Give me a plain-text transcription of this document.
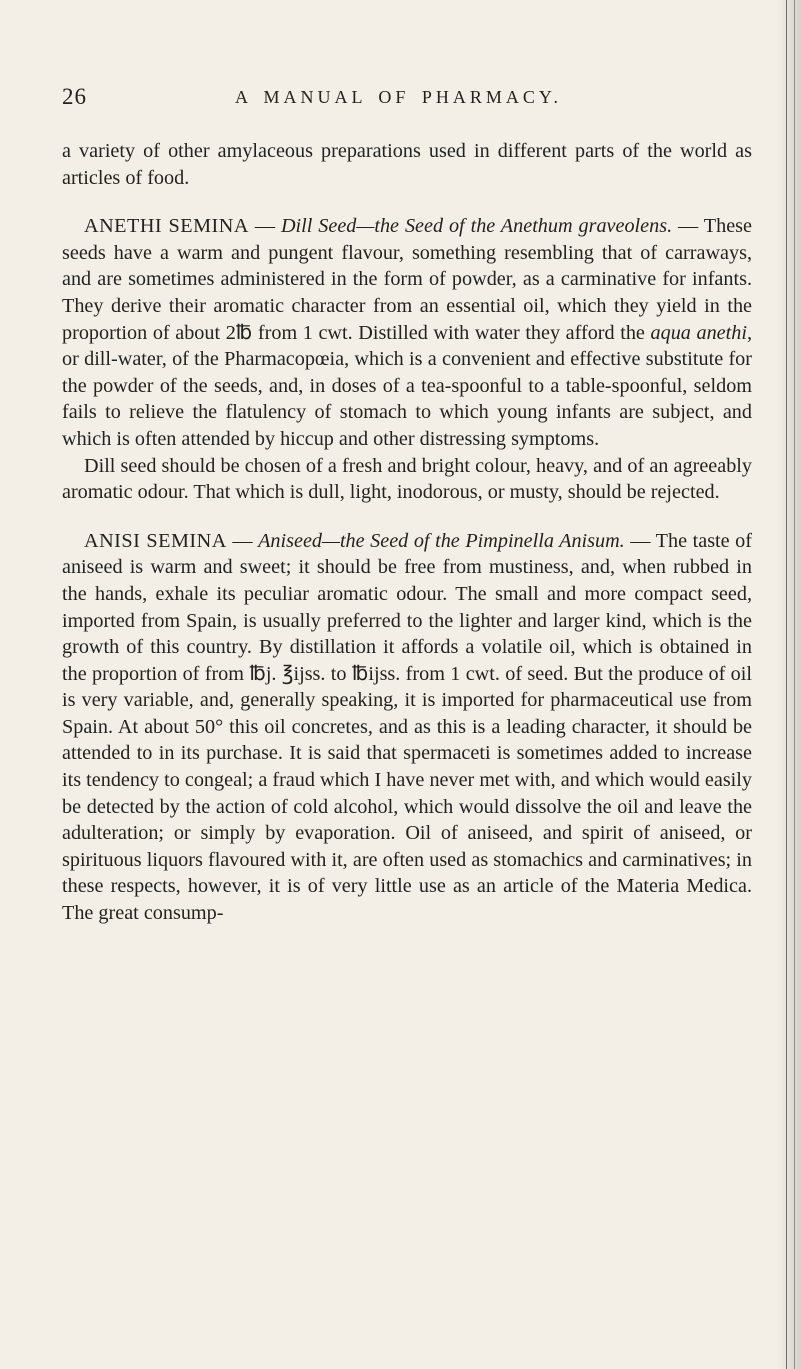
26	A MANUAL OF PHARMACY.

a variety of other amylaceous preparations used in different parts of the world as articles of food.

ANETHI SEMINA — Dill Seed—the Seed of the Anethum graveolens. — These seeds have a warm and pungent flavour, something resembling that of carraways, and are sometimes administered in the form of powder, as a carminative for infants. They derive their aromatic character from an essential oil, which they yield in the proportion of about 2℔ from 1 cwt. Distilled with water they afford the aqua anethi, or dill-water, of the Pharmacopœia, which is a convenient and effective substitute for the powder of the seeds, and, in doses of a tea-spoonful to a table-spoonful, seldom fails to relieve the flatulency of stomach to which young infants are subject, and which is often attended by hiccup and other distressing symptoms.

Dill seed should be chosen of a fresh and bright colour, heavy, and of an agreeably aromatic odour. That which is dull, light, inodorous, or musty, should be rejected.

ANISI SEMINA — Aniseed—the Seed of the Pimpinella Anisum. — The taste of aniseed is warm and sweet; it should be free from mustiness, and, when rubbed in the hands, exhale its peculiar aromatic odour. The small and more compact seed, imported from Spain, is usually preferred to the lighter and larger kind, which is the growth of this country. By distillation it affords a volatile oil, which is obtained in the proportion of from ℔j. ℥ijss. to ℔ijss. from 1 cwt. of seed. But the produce of oil is very variable, and, generally speaking, it is imported for pharmaceutical use from Spain. At about 50° this oil concretes, and as this is a leading character, it should be attended to in its purchase. It is said that spermaceti is sometimes added to increase its tendency to congeal; a fraud which I have never met with, and which would easily be detected by the action of cold alcohol, which would dissolve the oil and leave the adulteration; or simply by evaporation. Oil of aniseed, and spirit of aniseed, or spirituous liquors flavoured with it, are often used as stomachics and carminatives; in these respects, however, it is of very little use as an article of the Materia Medica. The great consump-
